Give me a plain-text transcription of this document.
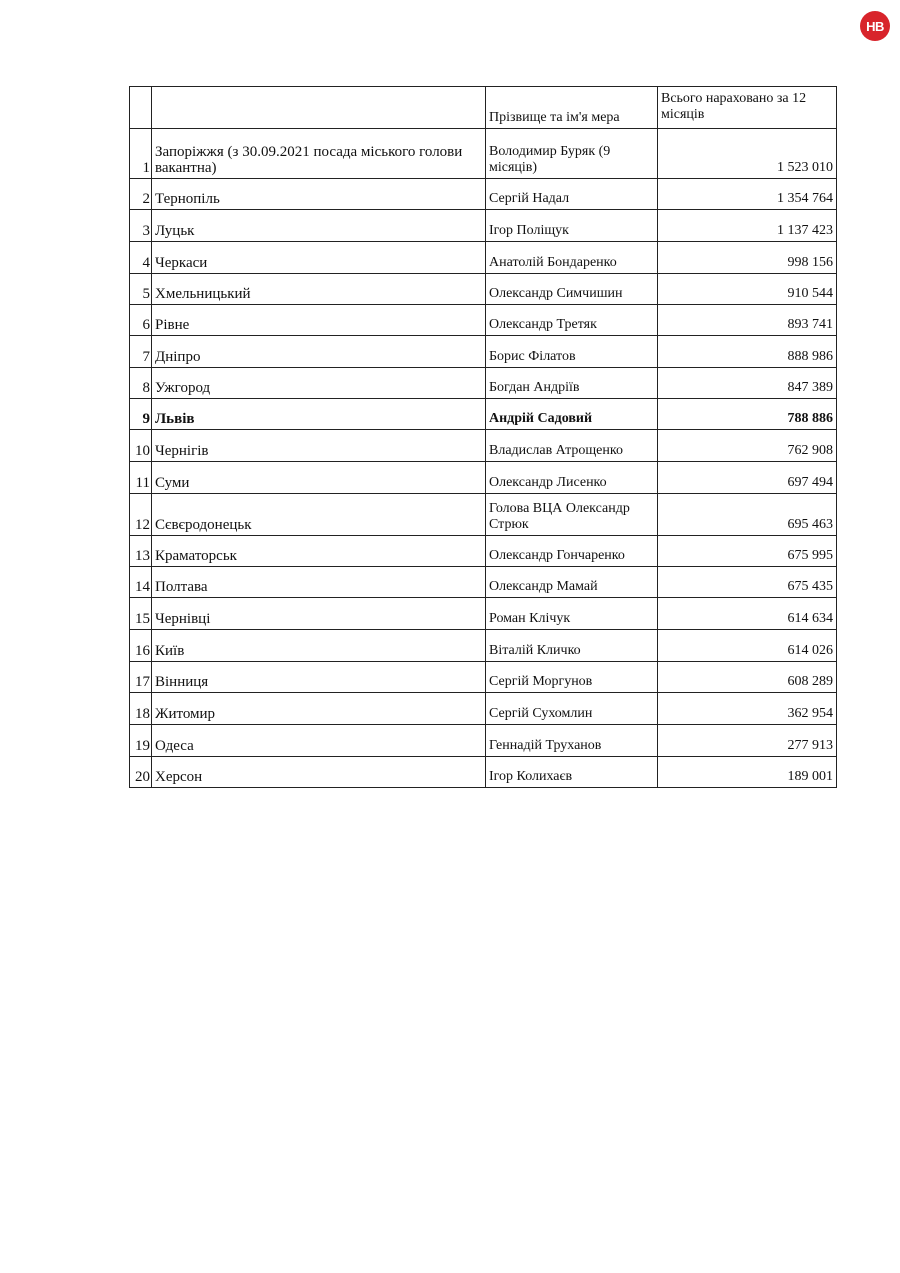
НВ
		Прізвище та ім'я мера	Всього нараховано за 12 місяців
1	Запоріжжя (з 30.09.2021 посада міського голови вакантна)	Володимир Буряк (9 місяців)	1 523 010
2	Тернопіль	Сергій Надал	1 354 764
3	Луцьк	Ігор Поліщук	1 137 423
4	Черкаси	Анатолій Бондаренко	998 156
5	Хмельницький	Олександр Симчишин	910 544
6	Рівне	Олександр Третяк	893 741
7	Дніпро	Борис Філатов	888 986
8	Ужгород	Богдан Андріїв	847 389
9	Львів	Андрій Садовий	788 886
10	Чернігів	Владислав Атрощенко	762 908
11	Суми	Олександр Лисенко	697 494
12	Сєвєродонецьк	Голова ВЦА Олександр Стрюк	695 463
13	Краматорськ	Олександр Гончаренко	675 995
14	Полтава	Олександр Мамай	675 435
15	Чернівці	Роман Клічук	614 634
16	Київ	Віталій Кличко	614 026
17	Вінниця	Сергій Моргунов	608 289
18	Житомир	Сергій Сухомлин	362 954
19	Одеса	Геннадій Труханов	277 913
20	Херсон	Ігор Колихаєв	189 001
